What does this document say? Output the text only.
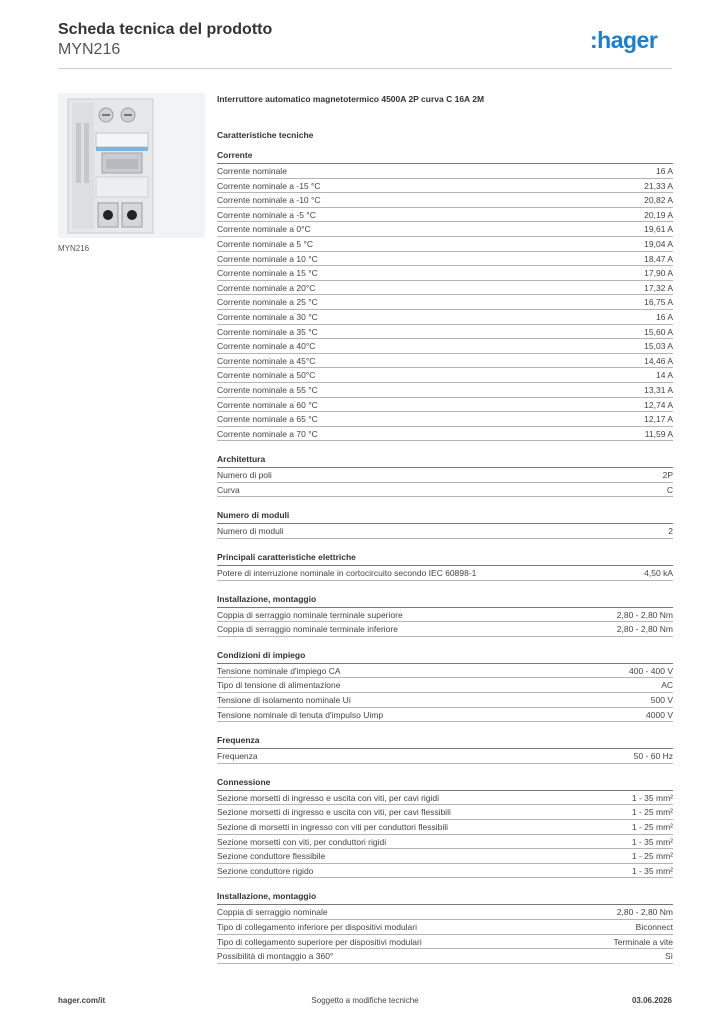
Scheda tecnica del prodotto
MYN216	:hager
MYN216
Interruttore automatico magnetotermico 4500A 2P curva C 16A 2M
Caratteristiche tecniche
Corrente
Corrente nominale	16 A
Corrente nominale a -15 °C	21,33 A
Corrente nominale a -10 °C	20,82 A
Corrente nominale a -5 °C	20,19 A
Corrente nominale a 0°C	19,61 A
Corrente nominale a 5 °C	19,04 A
Corrente nominale a 10 °C	18,47 A
Corrente nominale a 15 °C	17,90 A
Corrente nominale a 20°C	17,32 A
Corrente nominale a 25 °C	16,75 A
Corrente nominale a 30 °C	16 A
Corrente nominale a 35 °C	15,60 A
Corrente nominale a 40°C	15,03 A
Corrente nominale a 45°C	14,46 A
Corrente nominale a 50°C	14 A
Corrente nominale a 55 °C	13,31 A
Corrente nominale a 60 °C	12,74 A
Corrente nominale a 65 °C	12,17 A
Corrente nominale a 70 °C	11,59 A
Architettura
Numero di poli	2P
Curva	C
Numero di moduli
Numero di moduli	2
Principali caratteristiche elettriche
Potere di interruzione nominale in cortocircuito secondo IEC 60898-1	4,50 kA
Installazione, montaggio
Coppia di serraggio nominale terminale superiore	2,80 - 2,80 Nm
Coppia di serraggio nominale terminale inferiore	2,80 - 2,80 Nm
Condizioni di impiego
Tensione nominale d'impiego CA	400 - 400 V
Tipo di tensione di alimentazione	AC
Tensione di isolamento nominale Ui	500 V
Tensione nominale di tenuta d'impulso Uimp	4000 V
Frequenza
Frequenza	50 - 60 Hz
Connessione
Sezione morsetti di ingresso e uscita con viti, per cavi rigidi	1 - 35 mm²
Sezione morsetti di ingresso e uscita con viti, per cavi flessibili	1 - 25 mm²
Sezione di morsetti in ingresso con viti per conduttori flessibili	1 - 25 mm²
Sezione morsetti con viti, per conduttori rigidi	1 - 35 mm²
Sezione conduttore flessibile	1 - 25 mm²
Sezione conduttore rigido	1 - 35 mm²
Installazione, montaggio
Coppia di serraggio nominale	2,80 - 2,80 Nm
Tipo di collegamento inferiore per dispositivi modulari	Biconnect
Tipo di collegamento superiore per dispositivi modulari	Terminale a vite
Possibilità di montaggio a 360°	Sì
hager.com/it	Soggetto a modifiche tecniche	03.06.2026
